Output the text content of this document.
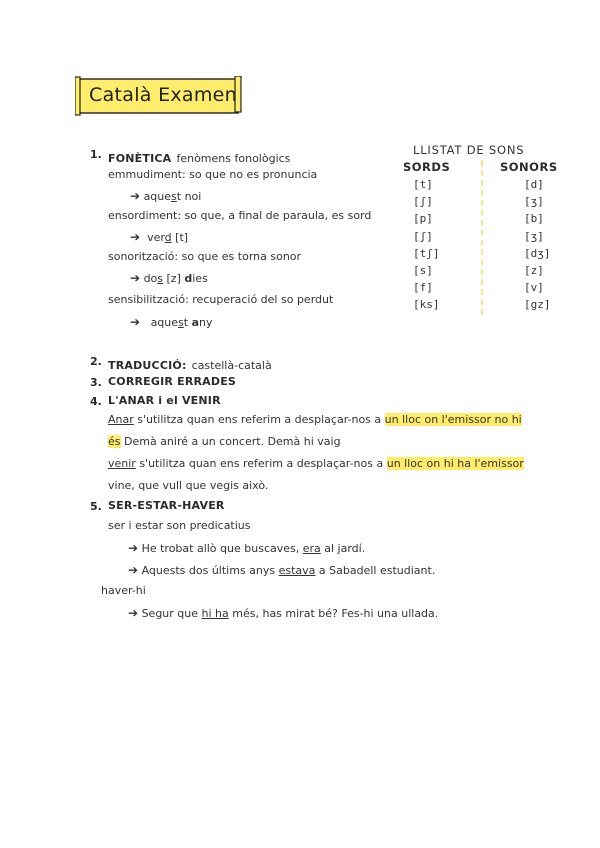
Català Examen
1. FONÈTICA fenòmens fonològics
emmudiment: so que no es pronuncia
➔ aquest noi
ensordiment: so que, a final de paraula, es sord
➔ verd [t]
sonorització: so que es torna sonor
➔ dos [z] dies
sensibilització: recuperació del so perdut
➔ aquest any
LLISTAT DE SONS
SORDS	SONORS
[t]
[ʃ]
[p]
[ʃ]
[tʃ]
[s]
[f]
[ks]
[d]
[ʒ]
[b]
[ʒ]
[dʒ]
[z]
[v]
[gz]
2. TRADUCCIÓ: castellà-català
3. CORREGIR ERRADES
4. L'ANAR i el VENIR
Anar s'utilitza quan ens referim a desplaçar-nos a un lloc on l'emissor no hi
és Demà aniré a un concert. Demà hi vaig
venir s'utilitza quan ens referim a desplaçar-nos a un lloc on hi ha l'emissor
vine, que vull que vegis això.
5. SER-ESTAR-HAVER
ser i estar son predicatius
➔ He trobat allò que buscaves, era al jardí.
➔ Aquests dos últims anys estava a Sabadell estudiant.
haver-hi
➔ Segur que hi ha més, has mirat bé? Fes-hi una ullada.
